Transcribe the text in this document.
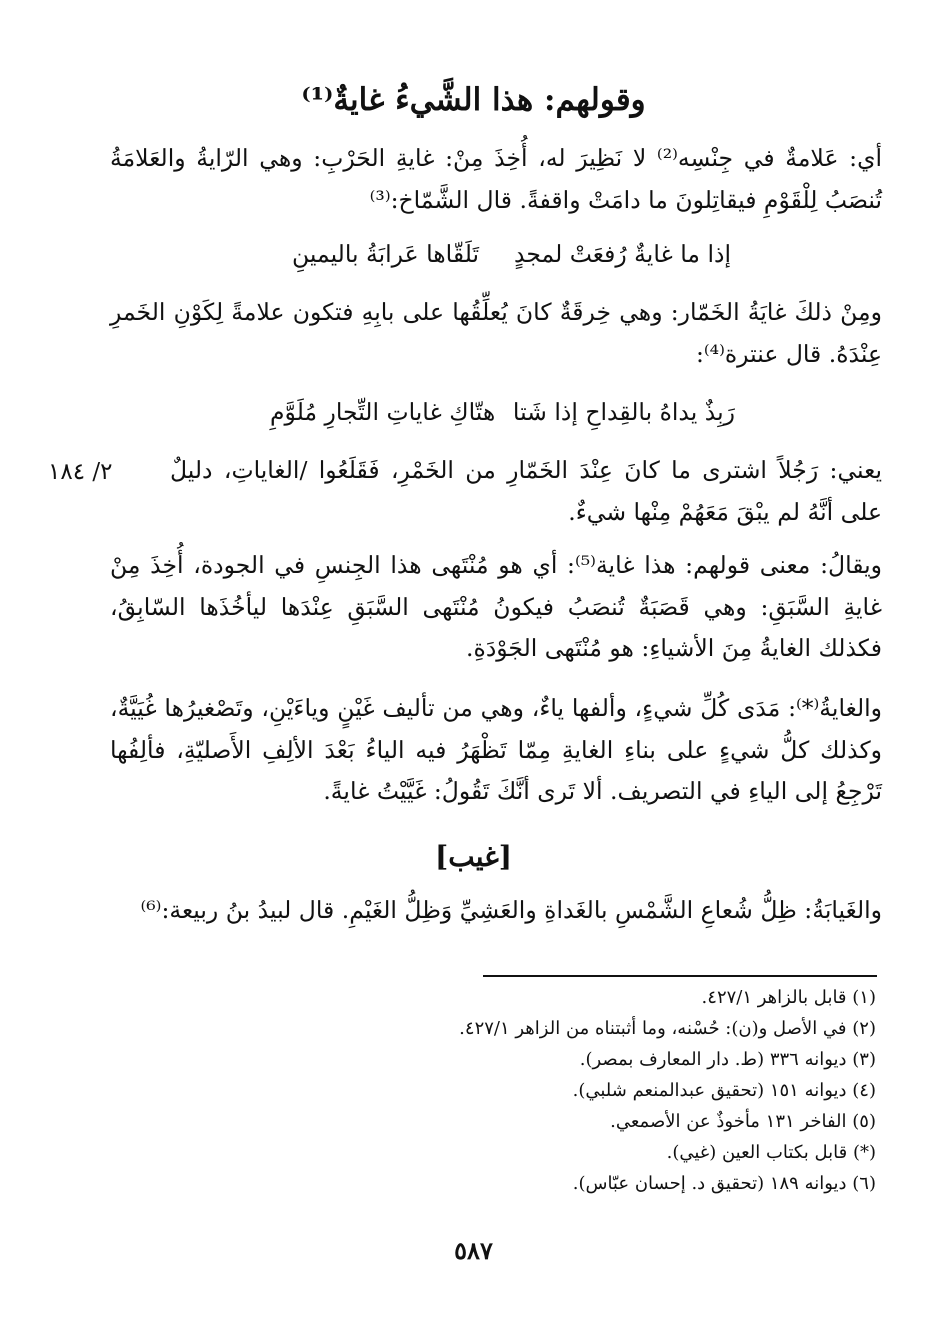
وقولهم: هذا الشَّيءُ غايةٌ⁽¹⁾
أي: عَلامةٌ في جِنْسِه⁽²⁾ لا نَظِيرَ له، أُخِذَ مِنْ: غايةِ الحَرْبِ: وهي الرّايةُ والعَلامَةُ تُنصَبُ لِلْقَوْمِ فيقاتِلونَ ما دامَتْ واقفةً. قال الشَّمّاخ:⁽³⁾
إذا ما غايةٌ رُفعَتْ لمجدٍ
تَلَقّاها عَرابَةُ باليمينِ
ومِنْ ذلكَ غايَةُ الخَمّار: وهي خِرقَةٌ كانَ يُعلِّقُها على بابِهِ فتكون علامةً لِكَوْنِ الخَمرِ عِنْدَهُ. قال عنترة⁽⁴⁾:
رَبِذٌ يداهُ بالقِداحِ إذا شَتا
هتّاكِ غاياتِ التِّجارِ مُلَوَّمِ
يعني: رَجُلاً اشترى ما كانَ عِنْدَ الخَمّارِ من الخَمْرِ، فَقَلَعُوا /الغاياتِ، دليلٌ على أنَّهُ لم يبْقَ مَعَهُمْ مِنْها شيءٌ.
٢/ ١٨٤
ويقالُ: معنى قولهم: هذا غاية⁽⁵⁾: أي هو مُنْتَهى هذا الجِنسِ في الجودة، أُخِذَ مِنْ غايةِ السَّبَقِ: وهي قَصَبَةٌ تُنصَبُ فيكونُ مُنْتَهى السَّبَقِ عِنْدَها ليأخُذَها السّابِقُ، فكذلك الغايةُ مِنَ الأشياءِ: هو مُنْتَهى الجَوْدَةِ.
والغايةُ⁽*⁾: مَدَى كُلِّ شيءٍ، وألفها ياءٌ، وهي من تأليف غَيْنٍ وياءَيْنِ، وتَصْغيرُها غُيَيَّةٌ، وكذلك كلُّ شيءٍ على بناءِ الغايةِ مِمّا تَظْهَرُ فيه الياءُ بَعْدَ الألِفِ الأَصليّةِ، فألِفُها تَرْجِعُ إلى الياءِ في التصريف. ألا تَرى أنَّكَ تَقُولُ: غَيَّيْتُ غايةً.
[غيب]
والغَيابَةُ: ظِلُّ شُعاعِ الشَّمْسِ بالغَداةِ والعَشِيِّ وَظِلُّ الغَيْمِ. قال لبيدُ بنُ ربيعة:⁽⁶⁾
(١) قابل بالزاهر ٤٢٧/١.
(٢) في الأصل و(ن): حُسْنه، وما أثبتناه من الزاهر ٤٢٧/١.
(٣) ديوانه ٣٣٦ (ط. دار المعارف بمصر).
(٤) ديوانه ١٥١ (تحقيق عبدالمنعم شلبي).
(٥) الفاخر ١٣١ مأخوذٌ عن الأصمعي.
(*) قابل بكتاب العين (غيي).
(٦) ديوانه ١٨٩ (تحقيق د. إحسان عبّاس).
٥٨٧
